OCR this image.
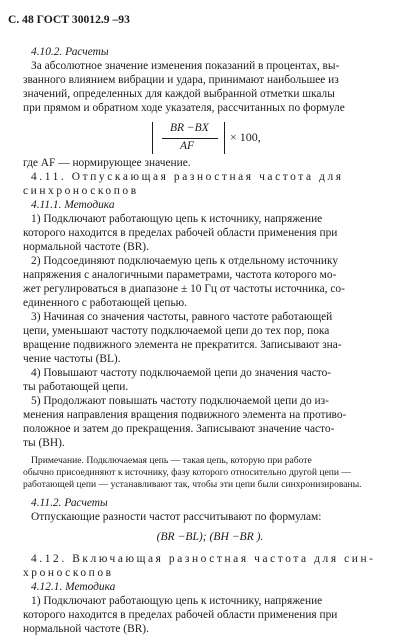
С. 48 ГОСТ 30012.9 –93
4.10.2. Расчеты
За абсолютное значение изменения показаний в процентах, вы-
званного влиянием вибрации и удара, принимают наибольшее из
значений, определенных для каждой выбранной отметки шкалы
при прямом и обратном ходе указателя, рассчитанных по формуле
BR −BX
AF
× 100,
где AF — нормирующее значение.
4.11. Отпускающая разностная частота для
синхроноскопов
4.11.1. Методика
1) Подключают работающую цепь к источнику, напряжение
которого находится в пределах рабочей области применения при
нормальной частоте (BR).
2) Подсоединяют подключаемую цепь к отдельному источнику
напряжения с аналогичными параметрами, частота которого мо-
жет регулироваться в диапазоне ± 10 Гц от частоты источника, со-
единенного с работающей цепью.
3) Начиная со значения частоты, равного частоте работающей
цепи, уменьшают частоту подключаемой цепи до тех пор, пока
вращение подвижного элемента не прекратится. Записывают зна-
чение частоты (BL).
4) Повышают частоту подключаемой цепи до значения часто-
ты работающей цепи.
5) Продолжают повышать частоту подключаемой цепи до из-
менения направления вращения подвижного элемента на противо-
положное и затем до прекращения. Записывают значение часто-
ты (BH).
Примечание. Подключаемая цепь — такая цепь, которую при работе
обычно присоединяют к источнику, фазу которого относительно другой цепи —
работающей цепи — устанавливают так, чтобы эти цепи были синхронизированы.
4.11.2. Расчеты
Отпускающие разности частот рассчитывают по формулам:
(BR −BL); (BH −BR ).
4.12. Включающая разностная частота для син-
хроноскопов
4.12.1. Методика
1) Подключают работающую цепь к источнику, напряжение
которого находится в пределах рабочей области применения при
нормальной частоте (BR).
